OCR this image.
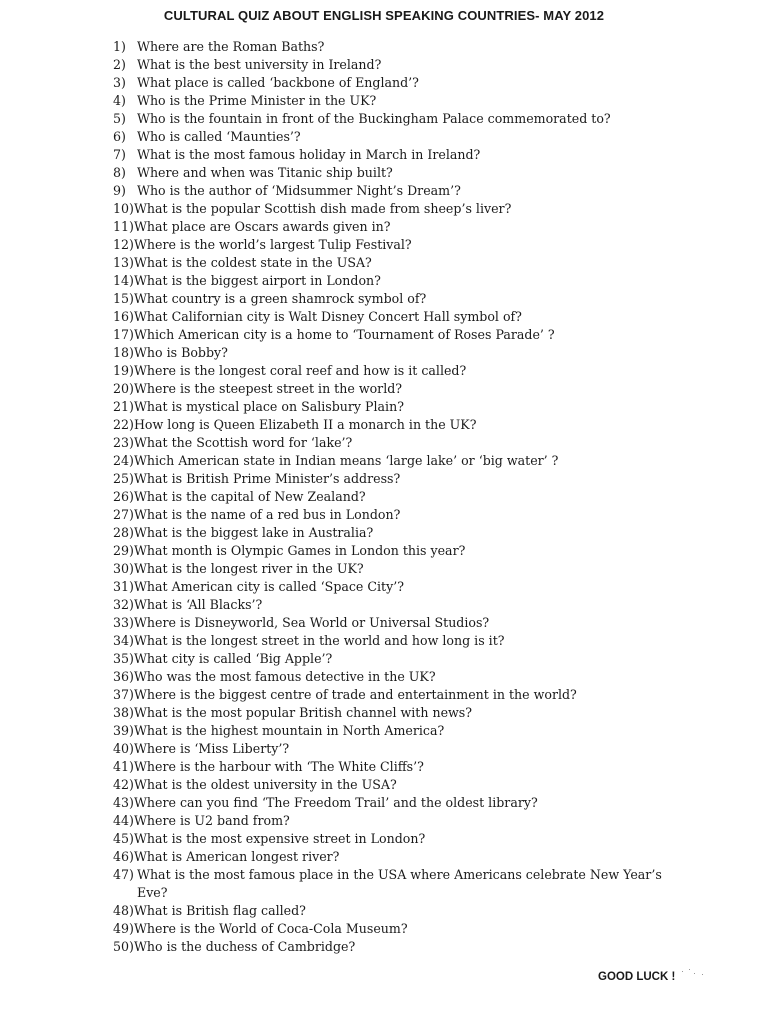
CULTURAL QUIZ ABOUT ENGLISH SPEAKING COUNTRIES- MAY 2012
1) Where are the Roman Baths?
2) What is the best university in Ireland?
3) What place is called ‘backbone of England’?
4) Who is the Prime Minister in the UK?
5) Who is the fountain in front of the Buckingham Palace commemorated to?
6) Who is called ‘Maunties’?
7) What is the most famous holiday in March in Ireland?
8) Where and when was Titanic ship built?
9) Who is the author of ‘Midsummer Night’s Dream’?
10) What is the popular Scottish dish made from sheep’s liver?
11) What place are Oscars awards given in?
12) Where is the world’s largest Tulip Festival?
13) What is the coldest state in the USA?
14) What is the biggest airport in London?
15) What country is a green shamrock symbol of?
16) What Californian city is Walt Disney Concert Hall symbol of?
17) Which American city is a home to ‘Tournament of Roses Parade’ ?
18) Who is Bobby?
19) Where is the longest coral reef and how is it called?
20) Where is the steepest street in the world?
21) What is mystical place on Salisbury Plain?
22) How long is Queen Elizabeth II a monarch in the UK?
23) What the Scottish word for ‘lake’?
24) Which American state in Indian means ‘large lake’ or ‘big water’ ?
25) What is British Prime Minister’s address?
26) What is the capital of New Zealand?
27) What is the name of a red bus in London?
28) What is the biggest lake in Australia?
29) What month is Olympic Games in London this year?
30) What is the longest river in the UK?
31) What American city is called ‘Space City’?
32) What is ‘All Blacks’?
33) Where is Disneyworld, Sea World or Universal Studios?
34) What is the longest street in the world and how long is it?
35) What city is called ‘Big Apple’?
36) Who was the most famous detective in the UK?
37) Where is the biggest centre of trade and entertainment in the world?
38) What is the most popular British channel with news?
39) What is the highest mountain in North America?
40) Where is ‘Miss Liberty’?
41) Where is the harbour with ‘The White Cliffs’?
42) What is the oldest university in the USA?
43) Where can you find ‘The Freedom Trail’ and the oldest library?
44) Where is U2 band from?
45) What is the most expensive street in London?
46) What is American longest river?
47) What is the most famous place in the USA where Americans celebrate New Year’s Eve?
48) What is British flag called?
49) Where is the World of Coca-Cola Museum?
50) Who is the duchess of Cambridge?
GOOD LUCK !
